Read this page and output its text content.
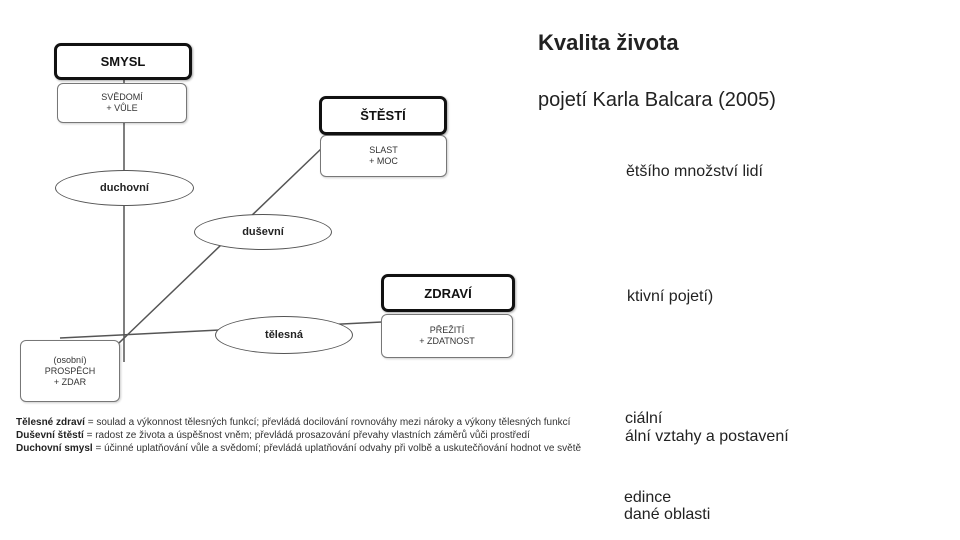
SMYSL
SVĚDOMÍ
+ VŮLE	ŠTĚSTÍ
SLAST
+ MOC
ZDRAVÍ
PŘEŽITÍ
+ ZDATNOST
(osobní)
PROSPĚCH
+ ZDAR
duchovní
duševní
tělesná

Tělesné zdraví = soulad a výkonnost tělesných funkcí; převládá docilování rovnováhy mezi nároky a výkony tělesných funkcí

Duševní štěstí = radost ze života a úspěšnost vněm; převládá prosazování převahy vlastních záměrů vůči prostředí

Duchovní smysl = účinné uplatňování vůle a svědomí; převládá uplatňování odvahy při volbě a uskutečňování hodnot ve světě

Kvalita života
pojetí Karla Balcara (2005)
ětšího množství lidí
ktivní pojetí)
ciální
ální vztahy a postavení
edince
dané oblasti
